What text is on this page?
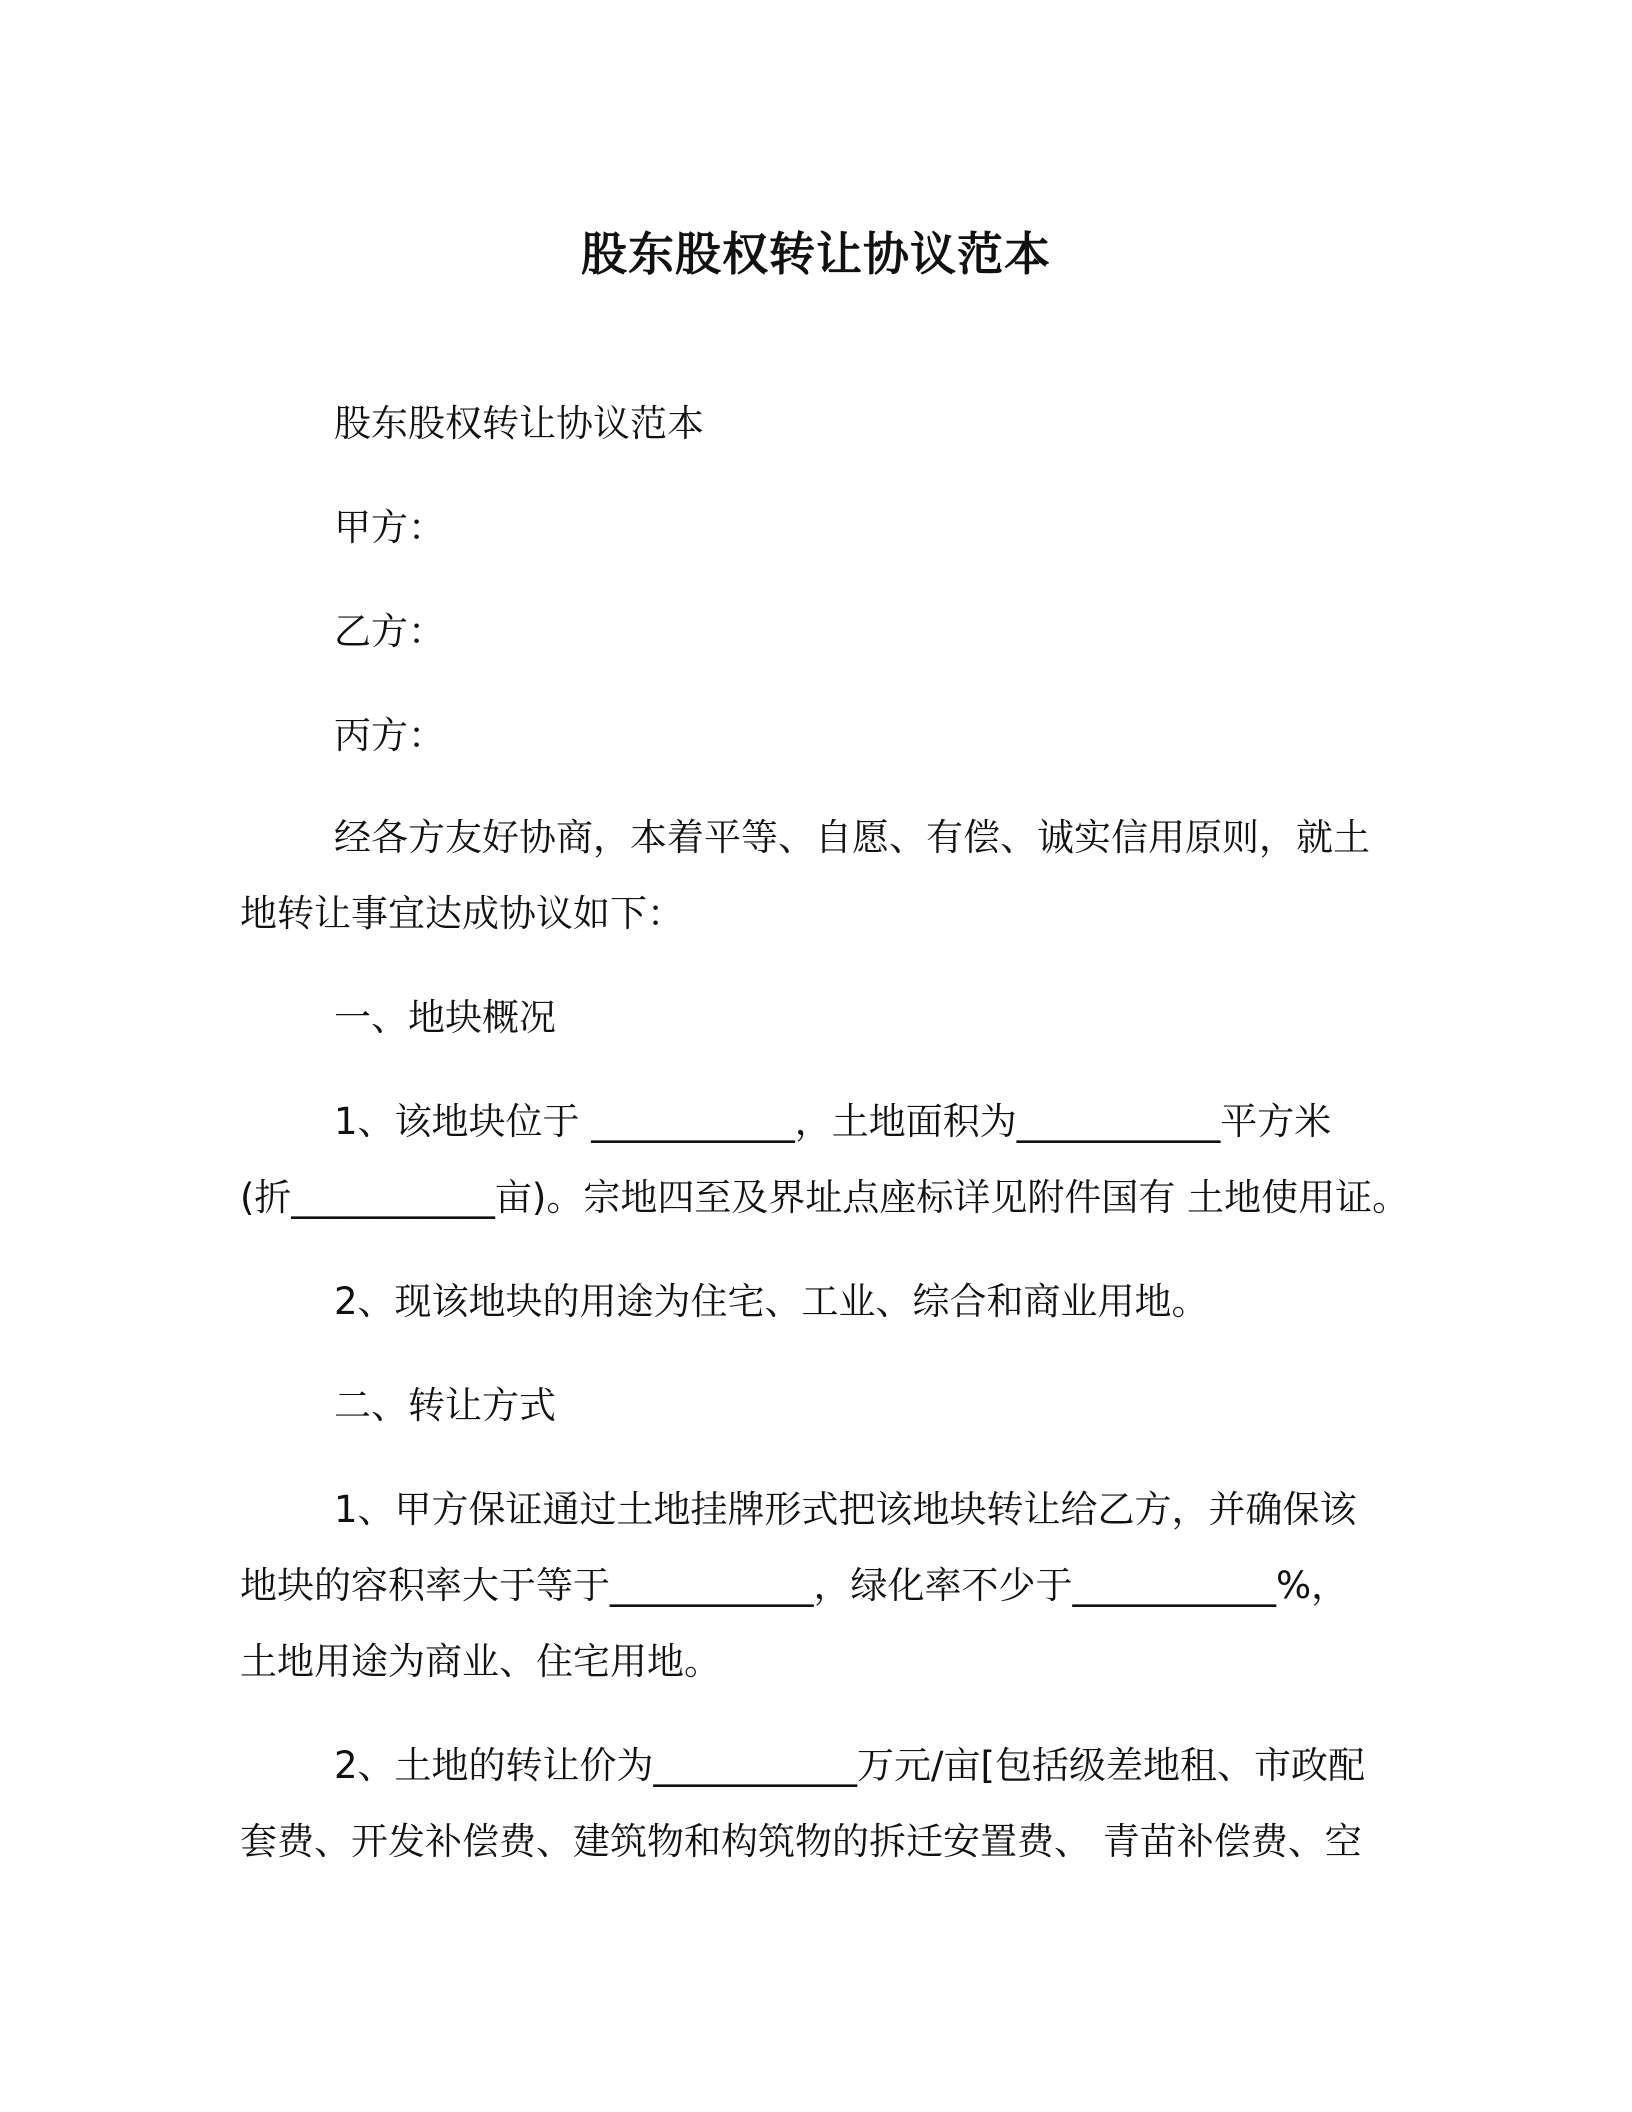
股东股权转让协议范本
股东股权转让协议范本
甲方：
乙方：
丙方：
经各方友好协商，本着平等、自愿、有偿、诚实信用原则，就土
地转让事宜达成协议如下：
一、地块概况
1、该地块位于 ___________，土地面积为___________平方米
(折___________亩)。宗地四至及界址点座标详见附件国有 土地使用证。
2、现该地块的用途为住宅、工业、综合和商业用地。
二、转让方式
1、甲方保证通过土地挂牌形式把该地块转让给乙方，并确保该
地块的容积率大于等于___________，绿化率不少于___________%，
土地用途为商业、住宅用地。
2、土地的转让价为___________万元/亩[包括级差地租、市政配
套费、开发补偿费、建筑物和构筑物的拆迁安置费、 青苗补偿费、空
